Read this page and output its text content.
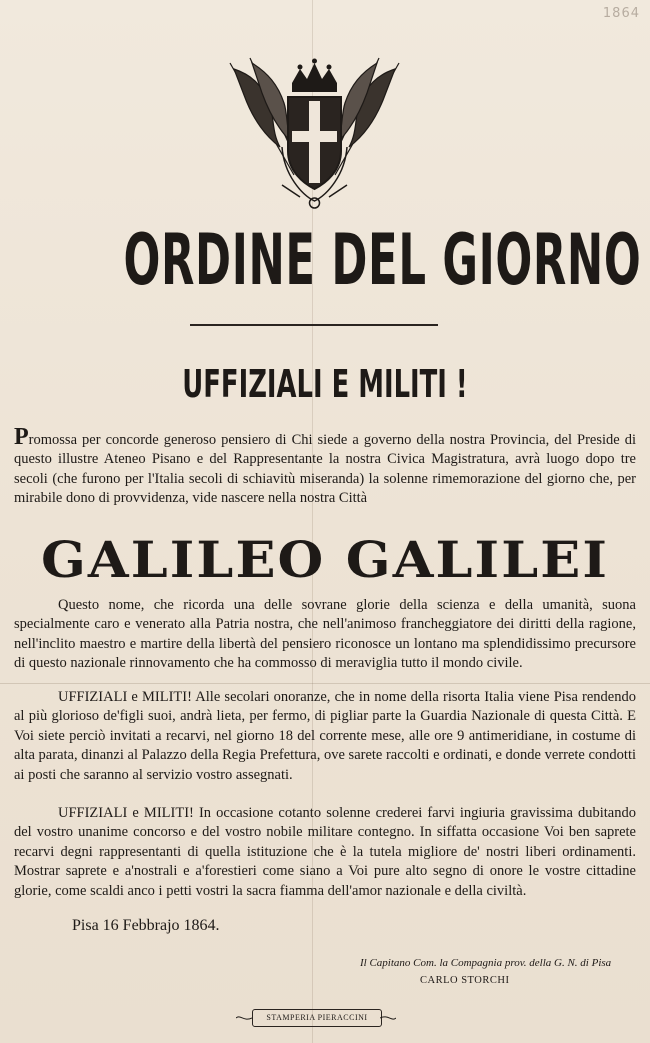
1864
ORDINE DEL GIORNO
UFFIZIALI E MILITI !
Promossa per concorde generoso pensiero di Chi siede a governo della nostra Provincia, del Preside di questo illustre Ateneo Pisano e del Rappresentante la nostra Civica Magistratura, avrà luogo dopo tre secoli (che furono per l'Italia secoli di schiavitù miseranda) la solenne rimemorazione del giorno che, per mirabile dono di provvidenza, vide nascere nella nostra Città
GALILEO GALILEI
Questo nome, che ricorda una delle sovrane glorie della scienza e della umanità, suona specialmente caro e venerato alla Patria nostra, che nell'animoso francheggiatore dei diritti della ragione, nell'inclito maestro e martire della libertà del pensiero riconosce un lontano ma splendidissimo precursore di questo nazionale rinnovamento che ha commosso di meraviglia tutto il mondo civile.
UFFIZIALI e MILITI! Alle secolari onoranze, che in nome della risorta Italia viene Pisa rendendo al più glorioso de'figli suoi, andrà lieta, per fermo, di pigliar parte la Guardia Nazionale di questa Città. E Voi siete perciò invitati a recarvi, nel giorno 18 del corrente mese, alle ore 9 antimeridiane, in costume di alta parata, dinanzi al Palazzo della Regia Prefettura, ove sarete raccolti e ordinati, e donde verrete condotti ai posti che saranno al servizio vostro assegnati.
UFFIZIALI e MILITI! In occasione cotanto solenne crederei farvi ingiuria gravissima dubitando del vostro unanime concorso e del vostro nobile militare contegno. In siffatta occasione Voi ben saprete recarvi degni rappresentanti di quella istituzione che è la tutela migliore de' nostri liberi ordinamenti. Mostrar saprete e a'nostrali e a'forestieri come siano a Voi pure alto segno di onore le vostre cittadine glorie, come scaldi anco i petti vostri la sacra fiamma dell'amor nazionale e della civiltà.
Pisa 16 Febbrajo 1864.
Il Capitano Com. la Compagnia prov. della G. N. di Pisa
CARLO STORCHI
STAMPERIA PIERACCINI
